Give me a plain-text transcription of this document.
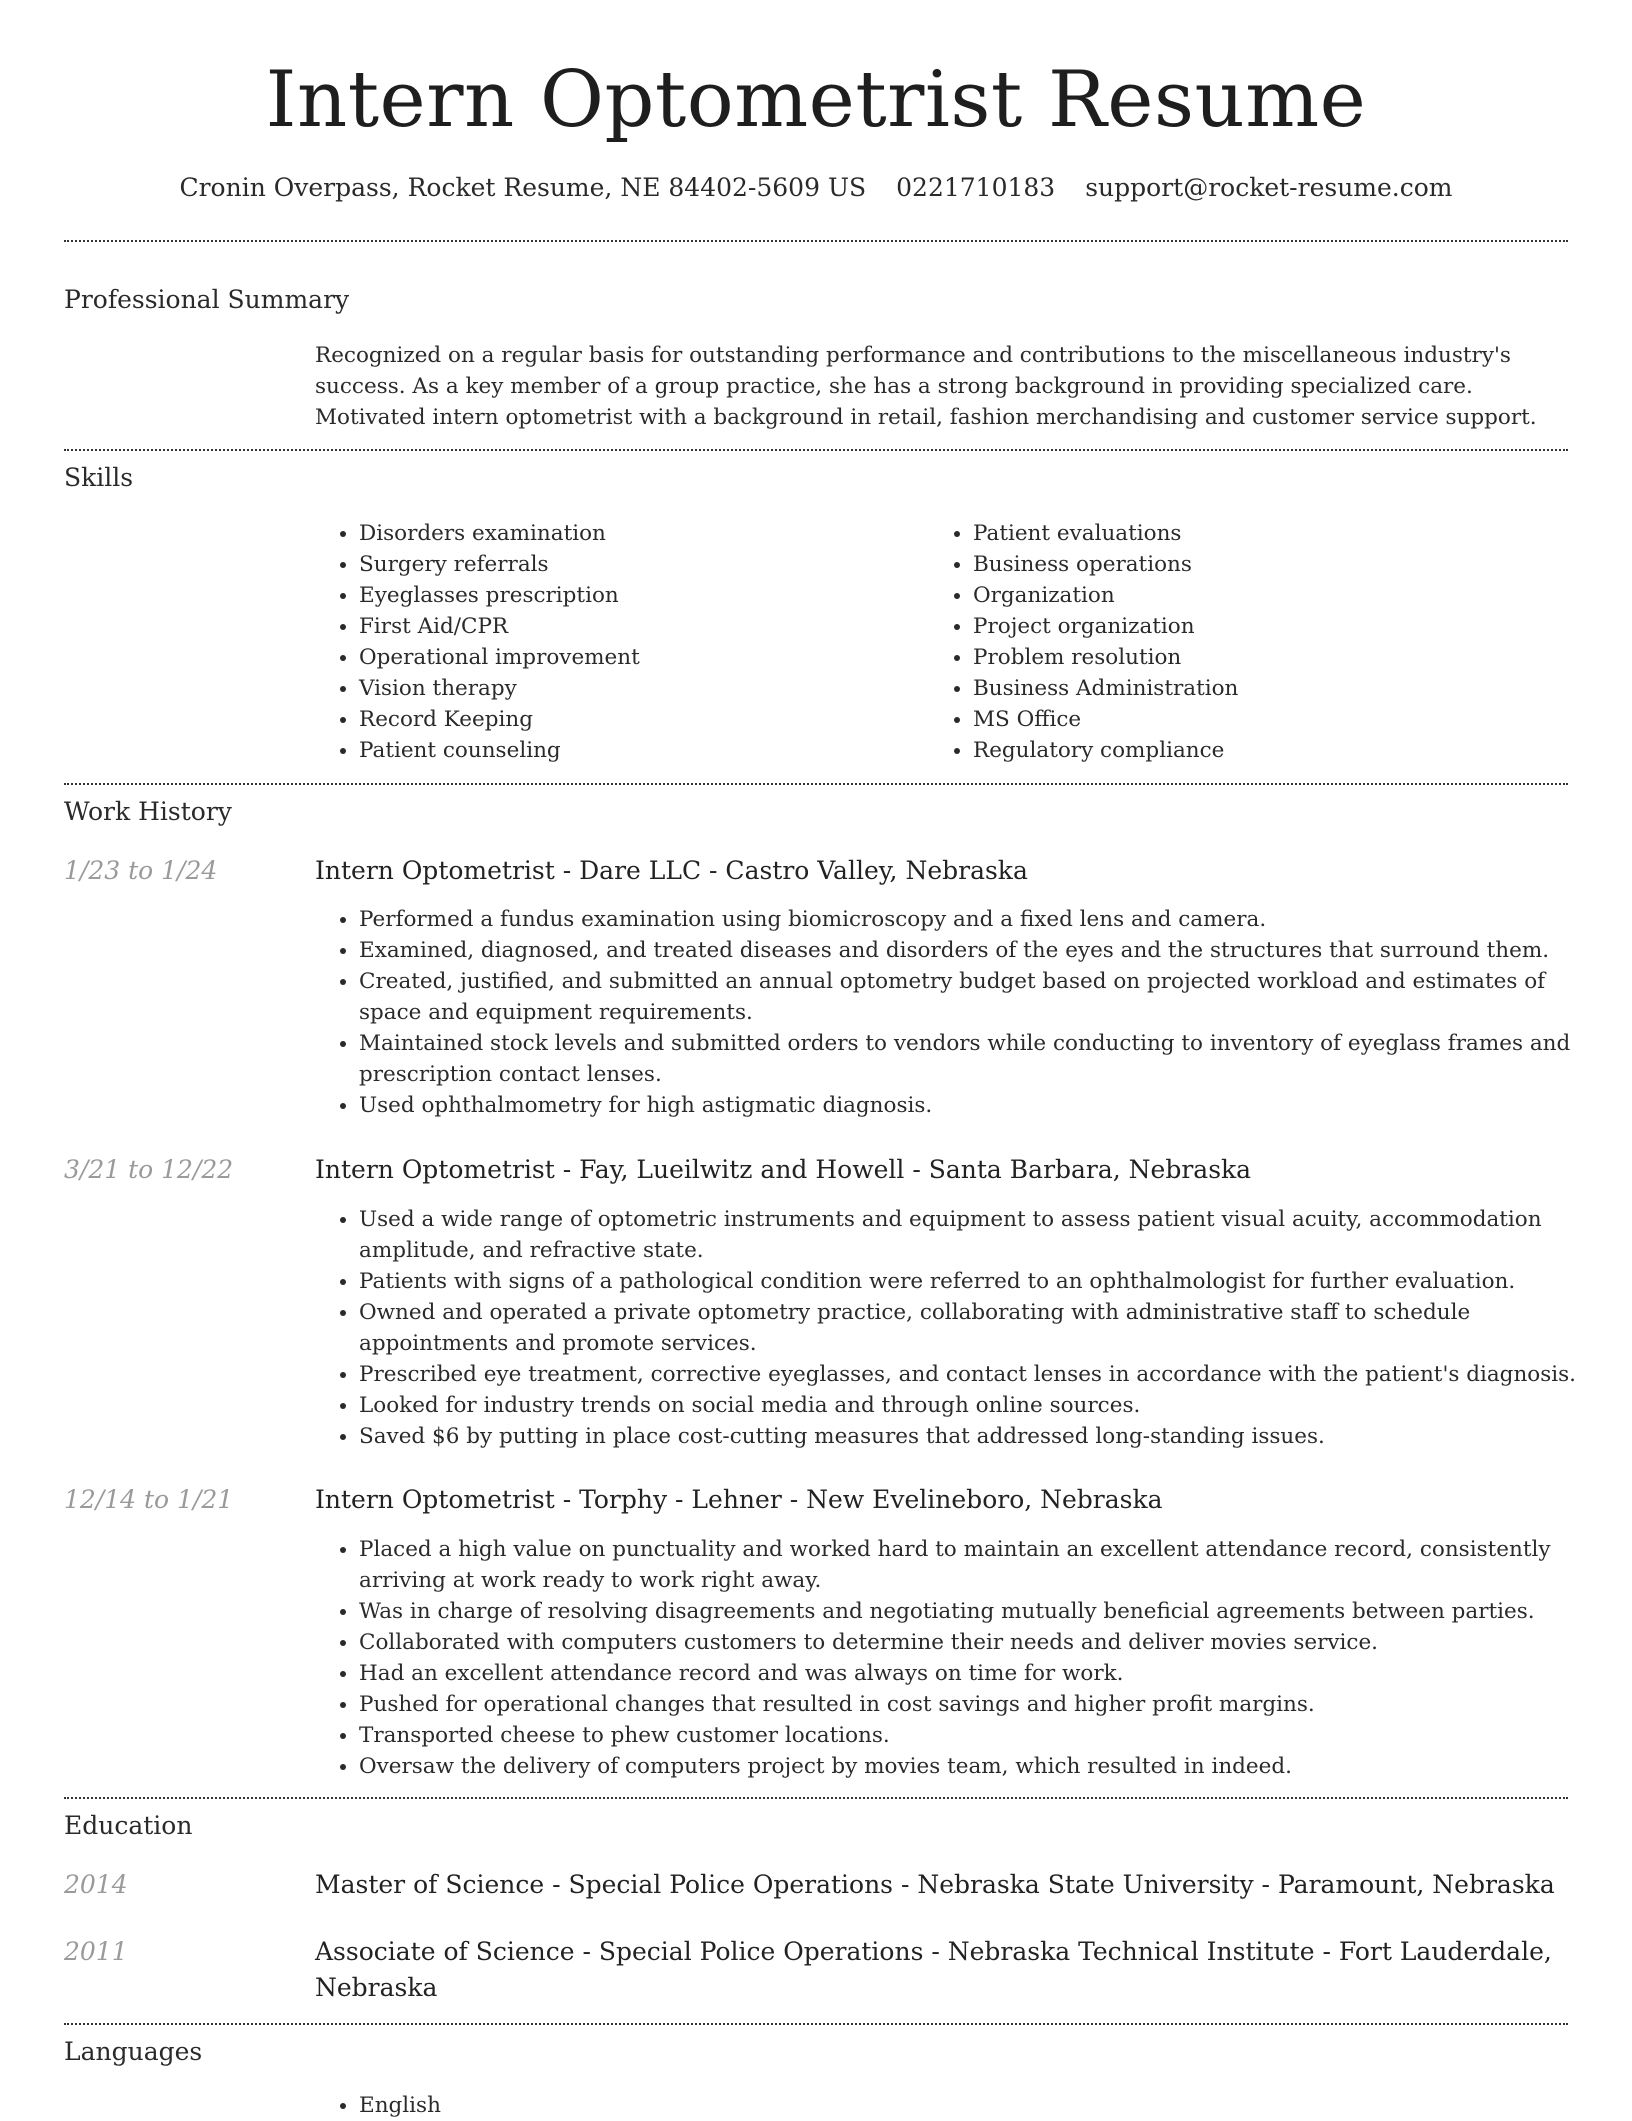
Intern Optometrist Resume
Cronin Overpass, Rocket Resume, NE 84402-5609 US 0221710183 support@rocket-resume.com
Professional Summary

Recognized on a regular basis for outstanding performance and contributions to the miscellaneous industry's success. As a key member of a group practice, she has a strong background in providing specialized care. Motivated intern optometrist with a background in retail, fashion merchandising and customer service support.

Skills
• Disorders examination
• Surgery referrals
• Eyeglasses prescription
• First Aid/CPR
• Operational improvement
• Vision therapy
• Record Keeping
• Patient counseling
• Patient evaluations
• Business operations
• Organization
• Project organization
• Problem resolution
• Business Administration
• MS Office
• Regulatory compliance
Work History
1/23 to 1/24	Intern Optometrist - Dare LLC - Castro Valley, Nebraska
• Performed a fundus examination using biomicroscopy and a fixed lens and camera.
• Examined, diagnosed, and treated diseases and disorders of the eyes and the structures that surround them.
• Created, justified, and submitted an annual optometry budget based on projected workload and estimates of space and equipment requirements.
• Maintained stock levels and submitted orders to vendors while conducting to inventory of eyeglass frames and prescription contact lenses.
• Used ophthalmometry for high astigmatic diagnosis.
3/21 to 12/22	Intern Optometrist - Fay, Lueilwitz and Howell - Santa Barbara, Nebraska
• Used a wide range of optometric instruments and equipment to assess patient visual acuity, accommodation amplitude, and refractive state.
• Patients with signs of a pathological condition were referred to an ophthalmologist for further evaluation.
• Owned and operated a private optometry practice, collaborating with administrative staff to schedule appointments and promote services.
• Prescribed eye treatment, corrective eyeglasses, and contact lenses in accordance with the patient's diagnosis.
• Looked for industry trends on social media and through online sources.
• Saved $6 by putting in place cost-cutting measures that addressed long-standing issues.
12/14 to 1/21	Intern Optometrist - Torphy - Lehner - New Evelineboro, Nebraska
• Placed a high value on punctuality and worked hard to maintain an excellent attendance record, consistently arriving at work ready to work right away.
• Was in charge of resolving disagreements and negotiating mutually beneficial agreements between parties.
• Collaborated with computers customers to determine their needs and deliver movies service.
• Had an excellent attendance record and was always on time for work.
• Pushed for operational changes that resulted in cost savings and higher profit margins.
• Transported cheese to phew customer locations.
• Oversaw the delivery of computers project by movies team, which resulted in indeed.
Education
2014	Master of Science - Special Police Operations - Nebraska State University - Paramount, Nebraska
2011	Associate of Science - Special Police Operations - Nebraska Technical Institute - Fort Lauderdale, Nebraska
Languages
• English
